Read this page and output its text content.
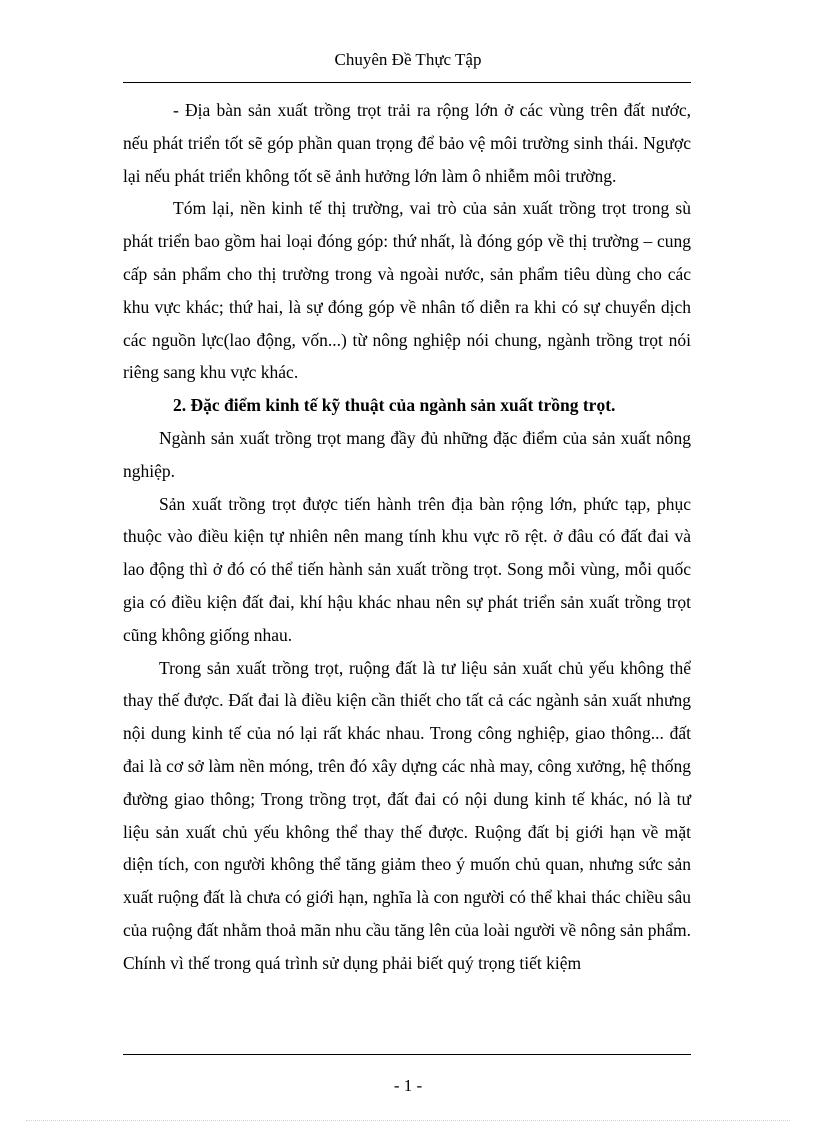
Chuyên Đề Thực Tập

- Địa bàn sản xuất trồng trọt trải ra rộng lớn ở các vùng trên đất nước, nếu phát triển tốt sẽ góp phần quan trọng để bảo vệ môi trường sinh thái. Ngược lại nếu phát triển không tốt sẽ ảnh hưởng lớn làm ô nhiễm môi trường.

Tóm lại, nền kinh tế thị trường, vai trò của sản xuất trồng trọt trong sù phát triển bao gồm hai loại đóng góp: thứ nhất, là đóng góp về thị trường – cung cấp sản phẩm cho thị trường trong và ngoài nước, sản phẩm tiêu dùng cho các khu vực khác; thứ hai, là sự đóng góp về nhân tố diễn ra khi có sự chuyển dịch các nguồn lực(lao động, vốn...) từ nông nghiệp nói chung, ngành trồng trọt nói riêng sang khu vực khác.

2. Đặc điểm kinh tế kỹ thuật của ngành sản xuất trồng trọt.

Ngành sản xuất trồng trọt mang đầy đủ những đặc điểm của sản xuất nông nghiệp.

Sản xuất trồng trọt được tiến hành trên địa bàn rộng lớn, phức tạp, phục thuộc vào điều kiện tự nhiên nên mang tính khu vực rõ rệt. ở đâu có đất đai và lao động thì ở đó có thể tiến hành sản xuất trồng trọt. Song mỗi vùng, mỗi quốc gia có điều kiện đất đai, khí hậu khác nhau nên sự phát triển sản xuất trồng trọt cũng không giống nhau.

Trong sản xuất trồng trọt, ruộng đất là tư liệu sản xuất chủ yếu không thể thay thế được. Đất đai là điều kiện cần thiết cho tất cả các ngành sản xuất nhưng nội dung kinh tế của nó lại rất khác nhau. Trong công nghiệp, giao thông... đất đai là cơ sở làm nền móng, trên đó xây dựng các nhà may, công xưởng, hệ thống đường giao thông; Trong trồng trọt, đất đai có nội dung kinh tế khác, nó là tư liệu sản xuất chủ yếu không thể thay thế được. Ruộng đất bị giới hạn về mặt diện tích, con người không thể tăng giảm theo ý muốn chủ quan, nhưng sức sản xuất ruộng đất là chưa có giới hạn, nghĩa là con người có thể khai thác chiều sâu của ruộng đất nhằm thoả mãn nhu cầu tăng lên của loài người về nông sản phẩm. Chính vì thế trong quá trình sử dụng phải biết quý trọng tiết kiệm

- 1 -
